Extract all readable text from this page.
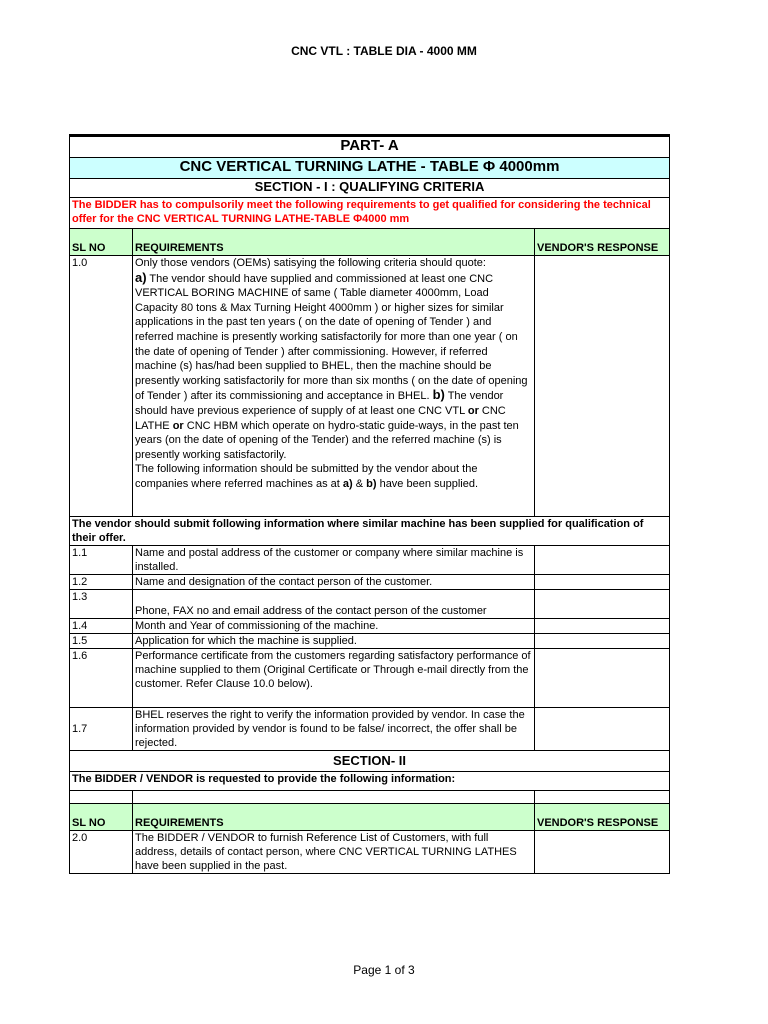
CNC VTL : TABLE DIA - 4000 MM
PART- A		
CNC VERTICAL TURNING LATHE - TABLE Φ 4000mm		
SECTION - I : QUALIFYING CRITERIA		
The BIDDER has to compulsorily meet the following requirements to get qualified for considering the technical offer for the CNC VERTICAL TURNING LATHE-TABLE Φ4000 mm		
SL NO	REQUIREMENTS	VENDOR'S RESPONSE
1.0	Only those vendors (OEMs) satisying the following criteria should quote:
a) The vendor should have supplied and commissioned at least one CNC VERTICAL BORING MACHINE of same ( Table diameter 4000mm, Load Capacity 80 tons & Max Turning Height 4000mm ) or higher sizes for similar applications in the past ten years ( on the date of opening of Tender ) and referred machine is presently working satisfactorily for more than one year ( on the date of opening of Tender ) after commissioning. However, if referred machine (s) has/had been supplied to BHEL, then the machine should be presently working satisfactorily for more than six months ( on the date of opening of Tender ) after its commissioning and acceptance in BHEL. b) The vendor should have previous experience of supply of at least one CNC VTL or CNC LATHE or CNC HBM which operate on hydro-static guide-ways, in the past ten years (on the date of opening of the Tender) and the referred machine (s) is presently working satisfactorily.
The following information should be submitted by the vendor about the companies where referred machines as at a) & b) have been supplied.	
The vendor should submit following information where similar machine has been supplied for qualification of their offer.		
1.1	Name and postal address of the customer or company where similar machine is installed.	
1.2	Name and designation of the contact person of the customer.	
1.3	Phone, FAX no and email address of the contact person of the customer	
1.4	Month and Year of commissioning of the machine.	
1.5	Application for which the machine is supplied.	
1.6	Performance certificate from the customers regarding satisfactory performance of machine supplied to them (Original Certificate or Through e-mail directly from the customer. Refer Clause 10.0 below).	
1.7	BHEL reserves the right to verify the information provided by vendor. In case the information provided by vendor is found to be false/ incorrect, the offer shall be rejected.	
SECTION- II		
The BIDDER / VENDOR is requested to provide the following information:		

SL NO	REQUIREMENTS	VENDOR'S RESPONSE
2.0	The BIDDER / VENDOR to furnish Reference List of Customers, with full address, details of contact person, where CNC VERTICAL TURNING LATHES have been supplied in the past.	
Page 1 of 3
